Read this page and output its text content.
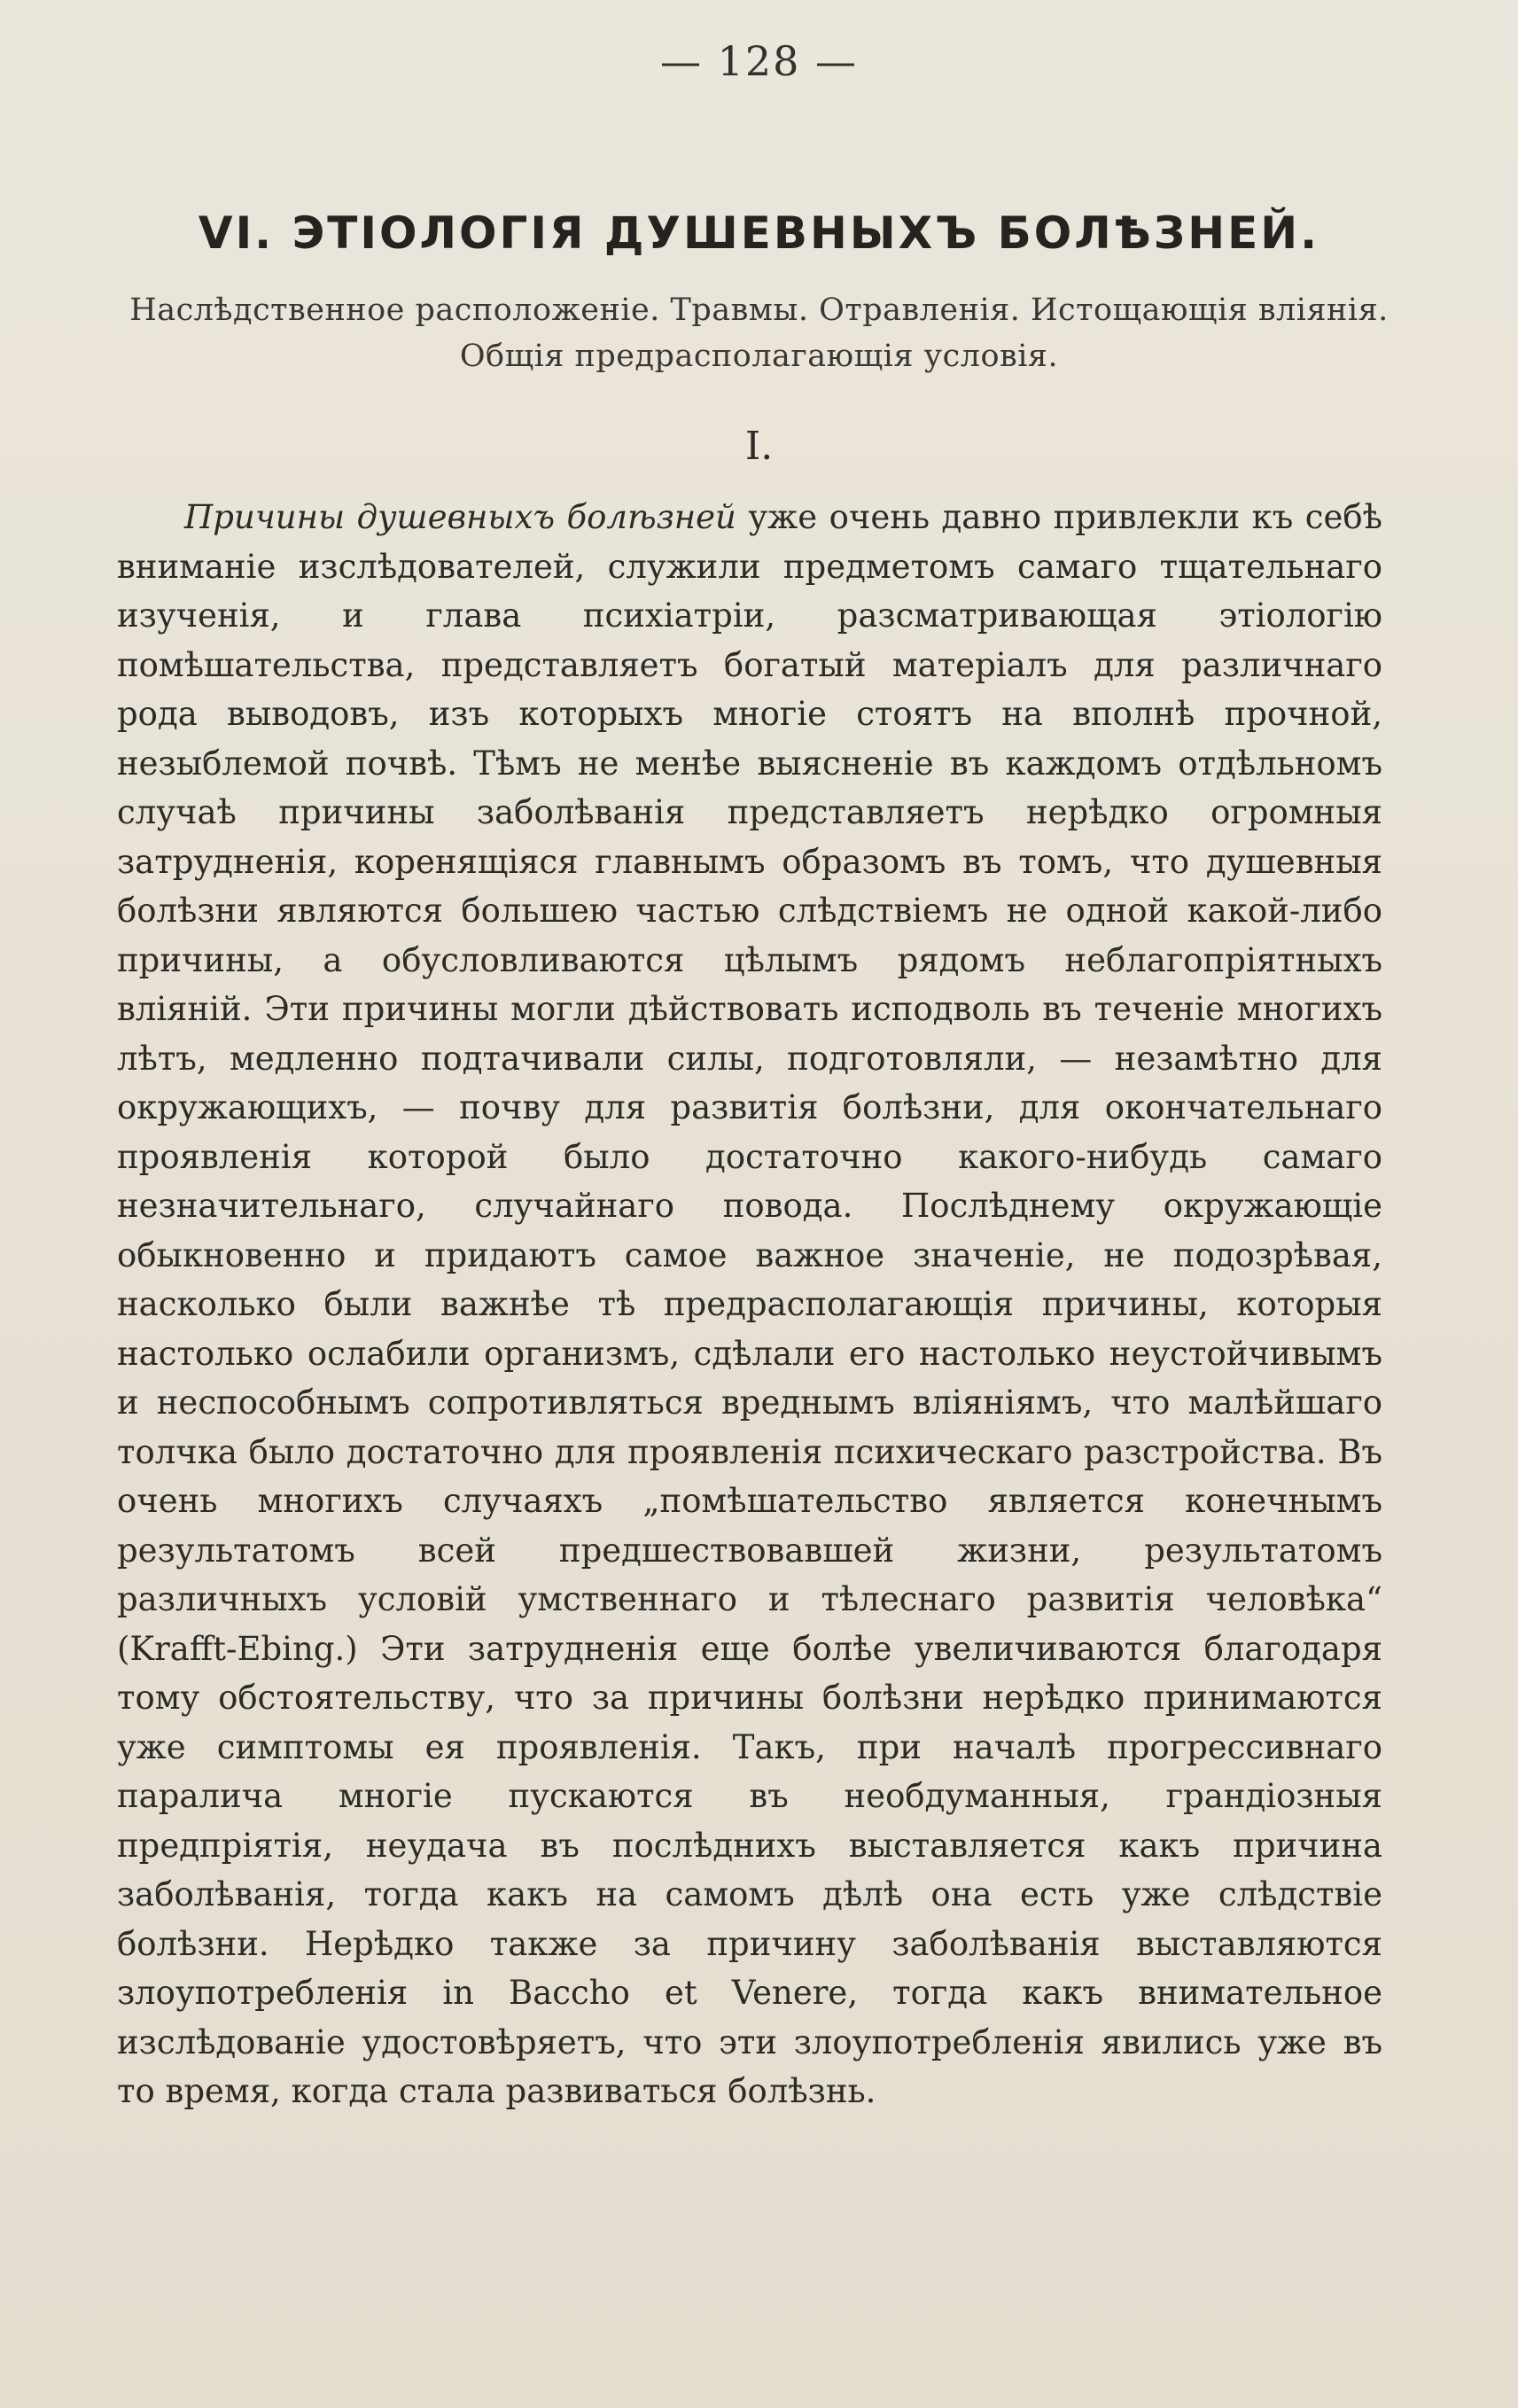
— 128 —
VI. ЭТІОЛОГІЯ ДУШЕВНЫХЪ БОЛѢЗНЕЙ.
Наслѣдственное расположеніе. Травмы. Отравленія. Истощающія вліянія. Общія предрасполагающія условія.
I.

Причины душевныхъ болѣзней уже очень давно привлекли къ себѣ вниманіе изслѣдователей, служили предметомъ самаго тщательнаго изученія, и глава психіатріи, разсматривающая этіологію помѣшательства, представляетъ богатый матеріалъ для различнаго рода выводовъ, изъ которыхъ многіе стоятъ на вполнѣ прочной, незыблемой почвѣ. Тѣмъ не менѣе выясненіе въ каждомъ отдѣльномъ случаѣ причины заболѣванія представляетъ нерѣдко огромныя затрудненія, коренящіяся главнымъ образомъ въ томъ, что душевныя болѣзни являются большею частью слѣдствіемъ не одной какой-либо причины, а обусловливаются цѣлымъ рядомъ неблагопріятныхъ вліяній. Эти причины могли дѣйствовать исподволь въ теченіе многихъ лѣтъ, медленно подтачивали силы, подготовляли, — незамѣтно для окружающихъ, — почву для развитія болѣзни, для окончательнаго проявленія которой было достаточно какого-нибудь самаго незначительнаго, случайнаго повода. Послѣднему окружающіе обыкновенно и придаютъ самое важное значеніе, не подозрѣвая, насколько были важнѣе тѣ предрасполагающія причины, которыя настолько ослабили организмъ, сдѣлали его настолько неустойчивымъ и неспособнымъ сопротивляться вреднымъ вліяніямъ, что малѣйшаго толчка было достаточно для проявленія психическаго разстройства. Въ очень многихъ случаяхъ „помѣшательство является конечнымъ результатомъ всей предшествовавшей жизни, результатомъ различныхъ условій умственнаго и тѣлеснаго развитія человѣка“ (Krafft-Ebing.) Эти затрудненія еще болѣе увеличиваются благодаря тому обстоятельству, что за причины болѣзни нерѣдко принимаются уже симптомы ея проявленія. Такъ, при началѣ прогрессивнаго паралича многіе пускаются въ необдуманныя, грандіозныя предпріятія, неудача въ послѣднихъ выставляется какъ причина заболѣванія, тогда какъ на самомъ дѣлѣ она есть уже слѣдствіе болѣзни. Нерѣдко также за причину заболѣванія выставляются злоупотребленія in Baccho et Venere, тогда какъ внимательное изслѣдованіе удостовѣряетъ, что эти злоупотребленія явились уже въ то время, когда стала развиваться болѣзнь.
